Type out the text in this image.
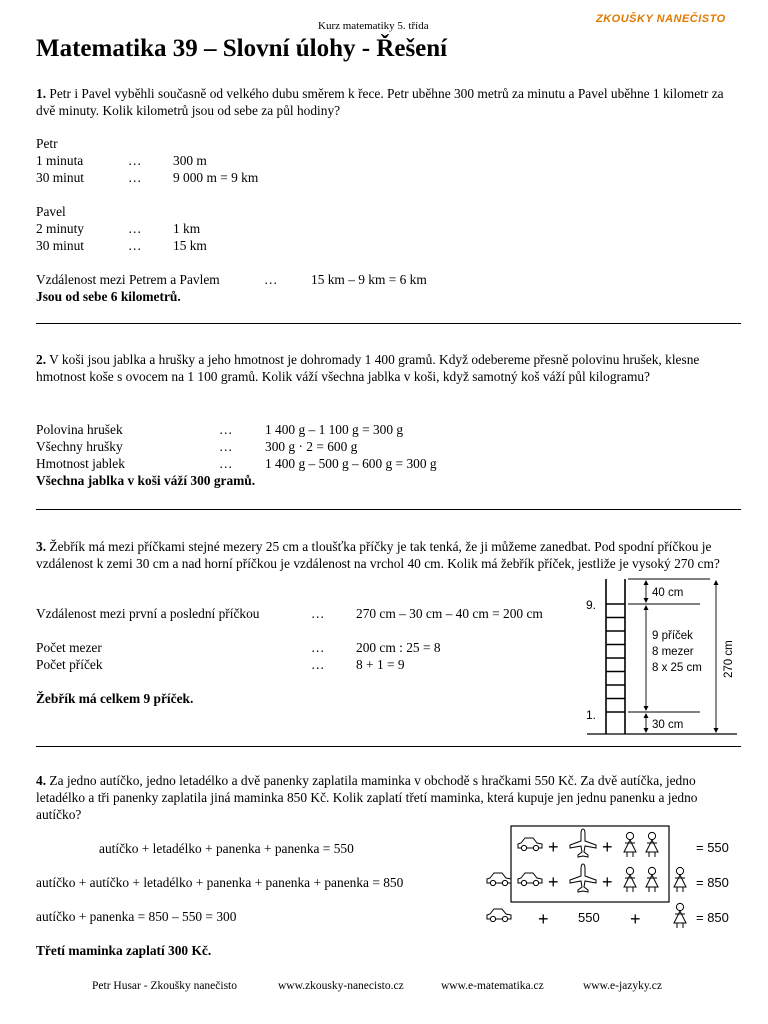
Kurz matematiky 5. třída
ZKOUŠKY NANEČISTO
Matematika 39 – Slovní úlohy - Řešení
1. Petr i Pavel vyběhli současně od velkého dubu směrem k řece. Petr uběhne 300 metrů za minutu a Pavel uběhne 1 kilometr za dvě minuty. Kolik kilometrů jsou od sebe za půl hodiny?
Petr
1 minuta	… 300 m
30 minut	… 9 000 m = 9 km
Pavel
2 minuty	… 1 km
30 minut	… 15 km
Vzdálenost mezi Petrem a Pavlem	…	15 km – 9 km = 6 km
Jsou od sebe 6 kilometrů.
2. V koši jsou jablka a hrušky a jeho hmotnost je dohromady 1 400 gramů. Když odebereme přesně polovinu hrušek, klesne hmotnost koše s ovocem na 1 100 gramů. Kolik váží všechna jablka v koši, když samotný koš váží půl kilogramu?
Polovina hrušek	… 1 400 g – 1 100 g = 300 g
Všechny hrušky	… 300 g · 2 = 600 g
Hmotnost jablek	… 1 400 g – 500 g – 600 g = 300 g
Všechna jablka v koši váží 300 gramů.
3. Žebřík má mezi příčkami stejné mezery 25 cm a tloušťka příčky je tak tenká, že ji můžeme zanedbat. Pod spodní příčkou je vzdálenost k zemi 30 cm a nad horní příčkou je vzdálenost na vrchol 40 cm. Kolik má žebřík příček, jestliže je vysoký 270 cm?
Vzdálenost mezi první a poslední příčkou	… 270 cm – 30 cm – 40 cm = 200 cm
Počet mezer	… 200 cm : 25 = 8
Počet příček	… 8 + 1 = 9
Žebřík má celkem 9 příček.
9.
1.
40 cm
9 příček
8 mezer
8 x 25 cm
30 cm
270 cm
4. Za jedno autíčko, jedno letadélko a dvě panenky zaplatila maminka v obchodě s hračkami 550 Kč. Za dvě autíčka, jedno letadélko a tři panenky zaplatila jiná maminka 850 Kč. Kolik zaplatí třetí maminka, která kupuje jen jednu panenku a jedno autíčko?
autíčko + letadélko + panenka + panenka = 550
autíčko + autíčko + letadélko + panenka + panenka + panenka = 850
autíčko + panenka = 850 – 550 = 300
Třetí maminka zaplatí 300 Kč.
+ +	= 550
+ +	= 850
+ 550 +	= 850
Petr Husar - Zkoušky nanečisto	www.zkousky-nanecisto.cz	www.e-matematika.cz	www.e-jazyky.cz
